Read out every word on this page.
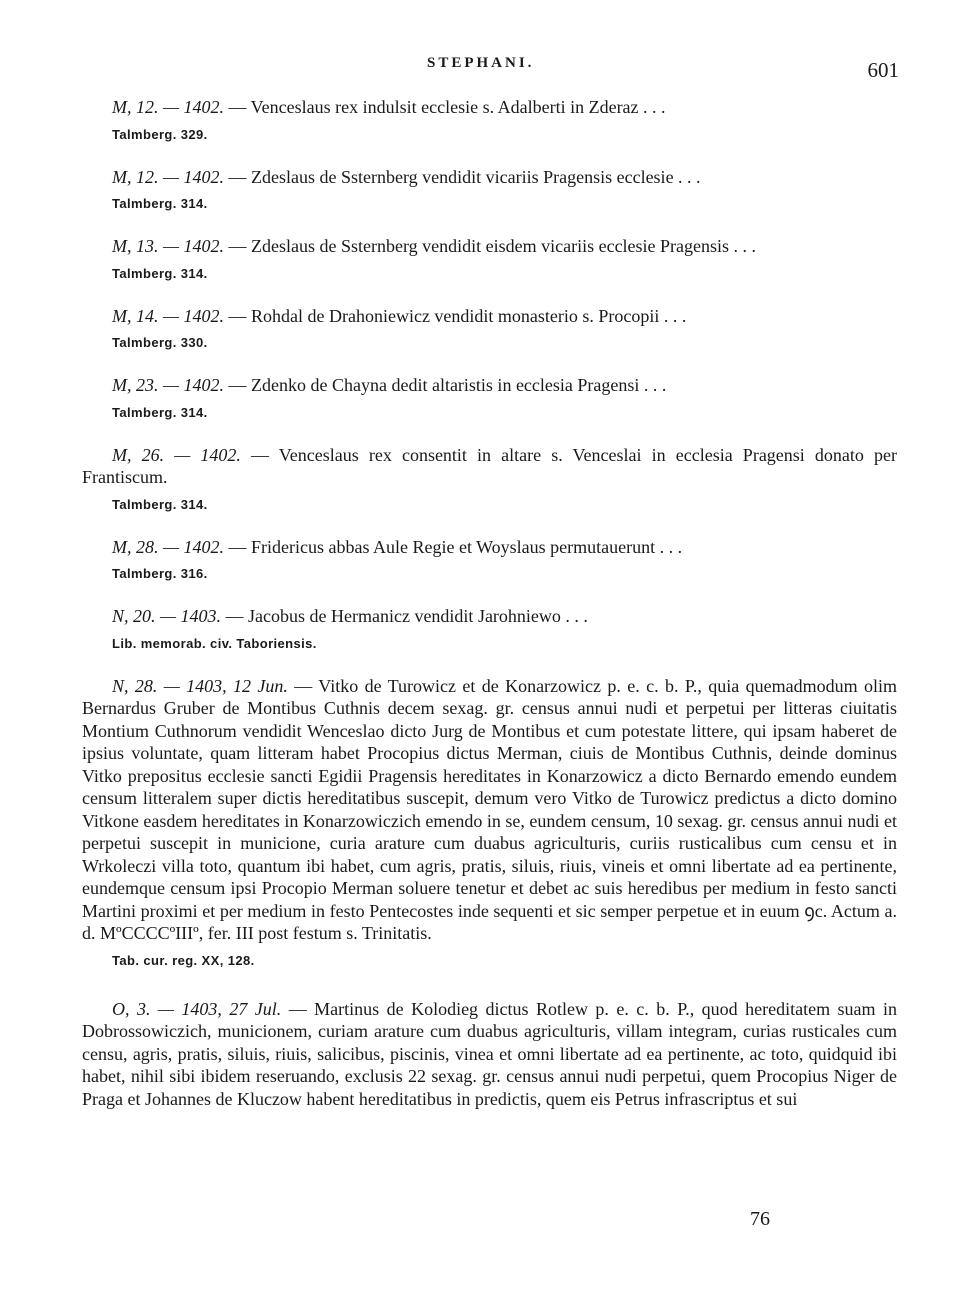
STEPHANI.	601

M, 12. — 1402. — Venceslaus rex indulsit ecclesie s. Adalberti in Zderaz . . .

Talmberg. 329.

M, 12. — 1402. — Zdeslaus de Ssternberg vendidit vicariis Pragensis ecclesie . . .

Talmberg. 314.

M, 13. — 1402. — Zdeslaus de Ssternberg vendidit eisdem vicariis ecclesie Pragensis . . .

Talmberg. 314.

M, 14. — 1402. — Rohdal de Drahoniewicz vendidit monasterio s. Procopii . . .

Talmberg. 330.

M, 23. — 1402. — Zdenko de Chayna dedit altaristis in ecclesia Pragensi . . .

Talmberg. 314.

M, 26. — 1402. — Venceslaus rex consentit in altare s. Venceslai in ecclesia Pragensi donato per Frantiscum.

Talmberg. 314.

M, 28. — 1402. — Fridericus abbas Aule Regie et Woyslaus permutauerunt . . .

Talmberg. 316.

N, 20. — 1403. — Jacobus de Hermanicz vendidit Jarohniewo . . .

Lib. memorab. civ. Taboriensis.

N, 28. — 1403, 12 Jun. — Vitko de Turowicz et de Konarzowicz p. e. c. b. P., quia quemadmodum olim Bernardus Gruber de Montibus Cuthnis decem sexag. gr. census annui nudi et perpetui per litteras ciuitatis Montium Cuthnorum vendidit Wenceslao dicto Jurg de Montibus et cum potestate littere, qui ipsam haberet de ipsius voluntate, quam litteram habet Procopius dictus Merman, ciuis de Montibus Cuthnis, deinde dominus Vitko prepositus ecclesie sancti Egidii Pragensis hereditates in Konarzowicz a dicto Bernardo emendo eundem censum litteralem super dictis hereditatibus suscepit, demum vero Vitko de Turowicz predictus a dicto domino Vitkone easdem hereditates in Konarzowiczich emendo in se, eundem censum, 10 sexag. gr. census annui nudi et perpetui suscepit in municione, curia arature cum duabus agriculturis, curiis rusticalibus cum censu et in Wrkoleczi villa toto, quantum ibi habet, cum agris, pratis, siluis, riuis, vineis et omni libertate ad ea pertinente, eundemque censum ipsi Procopio Merman soluere tenetur et debet ac suis heredibus per medium in festo sancti Martini proximi et per medium in festo Pentecostes inde sequenti et sic semper perpetue et in euum ꝯc. Actum a. d. MºCCCCºIIIº, fer. III post festum s. Trinitatis.

Tab. cur. reg. XX, 128.

O, 3. — 1403, 27 Jul. — Martinus de Kolodieg dictus Rotlew p. e. c. b. P., quod hereditatem suam in Dobrossowiczich, municionem, curiam arature cum duabus agriculturis, villam integram, curias rusticales cum censu, agris, pratis, siluis, riuis, salicibus, piscinis, vinea et omni libertate ad ea pertinente, ac toto, quidquid ibi habet, nihil sibi ibidem reseruando, exclusis 22 sexag. gr. census annui nudi perpetui, quem Procopius Niger de Praga et Johannes de Kluczow habent hereditatibus in predictis, quem eis Petrus infrascriptus et sui

76
